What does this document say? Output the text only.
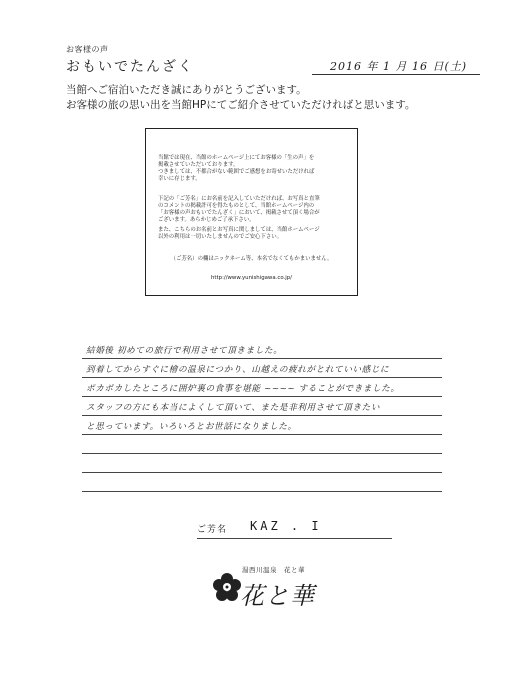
お客様の声
おもいでたんざく	2016 年 1 月 16 日(土)
当館へご宿泊いただき誠にありがとうございます。
お客様の旅の思い出を当館HPにてご紹介させていただければと思います。

当館では現在、当館のホームページ上にてお客様の「生の声」を

掲載させていただいております。

つきましては、不都合がない範囲でご感想をお寄せいただければ

幸いに存じます。

下記の「ご芳名」にお名前を記入していただければ、お写真と直筆

のコメントの掲載許可を得たものとして、当館ホームページ内の

「お客様の声おもいでたんざく」において、掲載させて頂く場合が

ございます。あらかじめご了承下さい。

また、こちらのお名前とお写真に関しましては、当館ホームページ

以外の利用は一切いたしませんのでご安心下さい。

（ご芳名）の欄はニックネーム等、本名でなくてもかまいません。

http://www.yunishigawa.co.jp/

結婚後 初めての旅行で利用させて頂きました。
到着してからすぐに檜の温泉につかり、山越えの疲れがとれていい感じに
ポカポカしたところに囲炉裏の食事を堪能 ~~~~ することができました。
スタッフの方にも本当によくして頂いて、また是非利用させて頂きたい
と思っています。いろいろとお世話になりました。
ご芳名 KAZ . I
湯西川温泉　花と華
花と華
